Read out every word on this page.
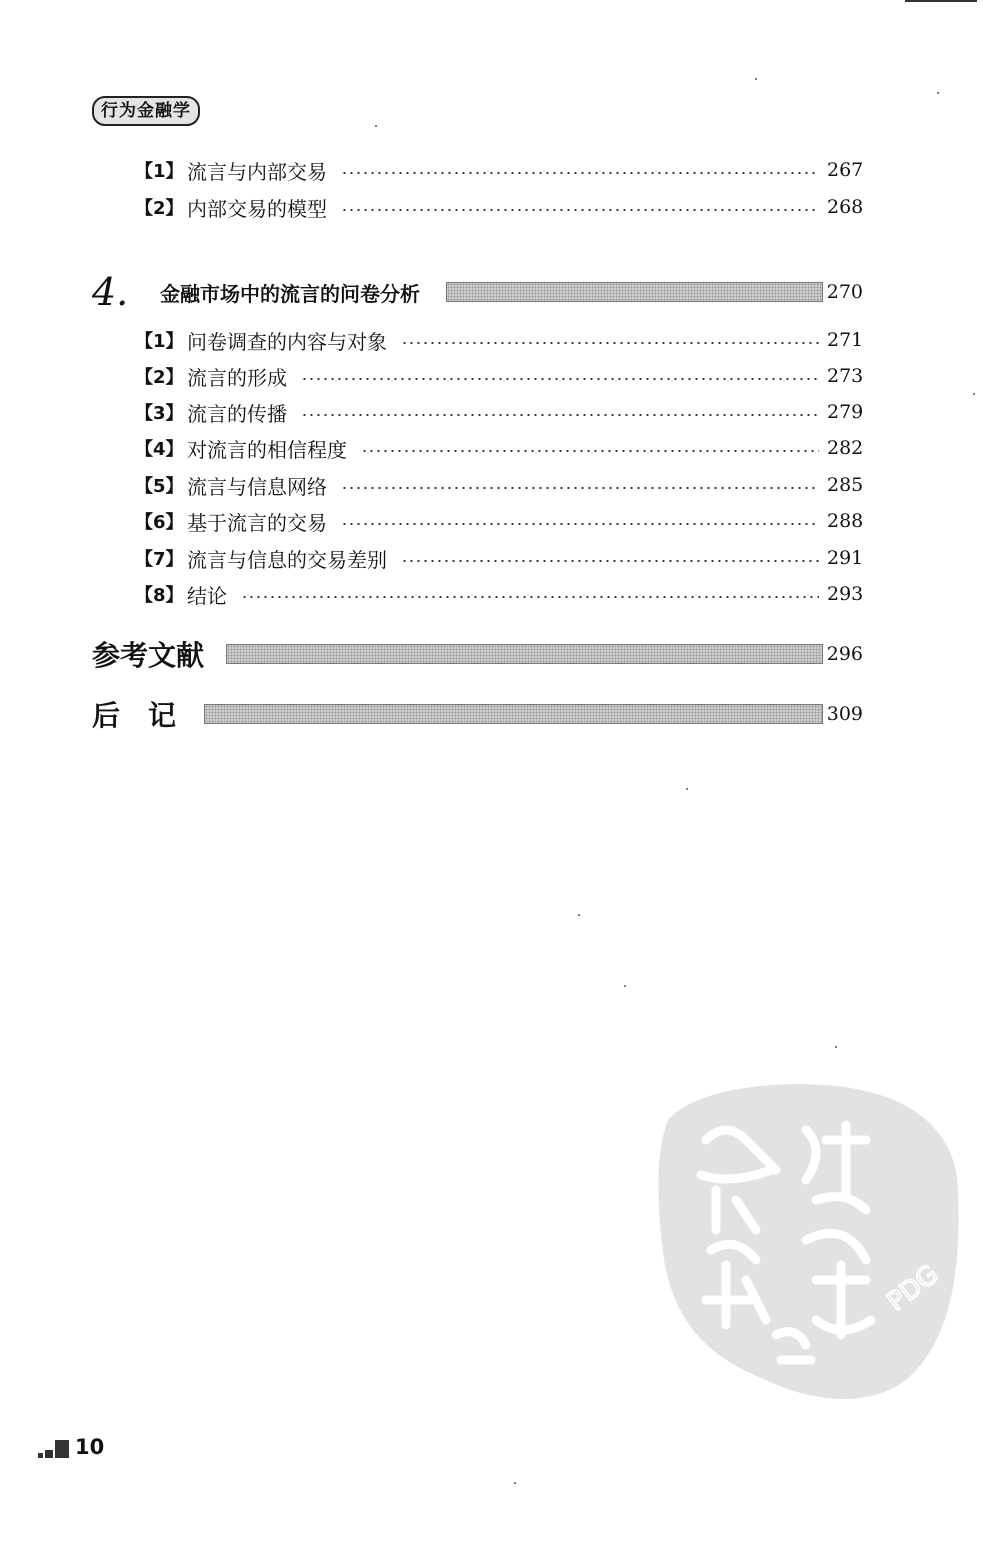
行为金融学
【1】 流言与内部交易	267
【2】 内部交易的模型	268
4.	金融市场中的流言的问卷分析	270
【1】 问卷调查的内容与对象	271
【2】 流言的形成	273
【3】 流言的传播	279
【4】 对流言的相信程度	282
【5】 流言与信息网络	285
【6】 基于流言的交易	288
【7】 流言与信息的交易差别	291
【8】 结论	293
参考文献	296
后记	309
PDG
10
